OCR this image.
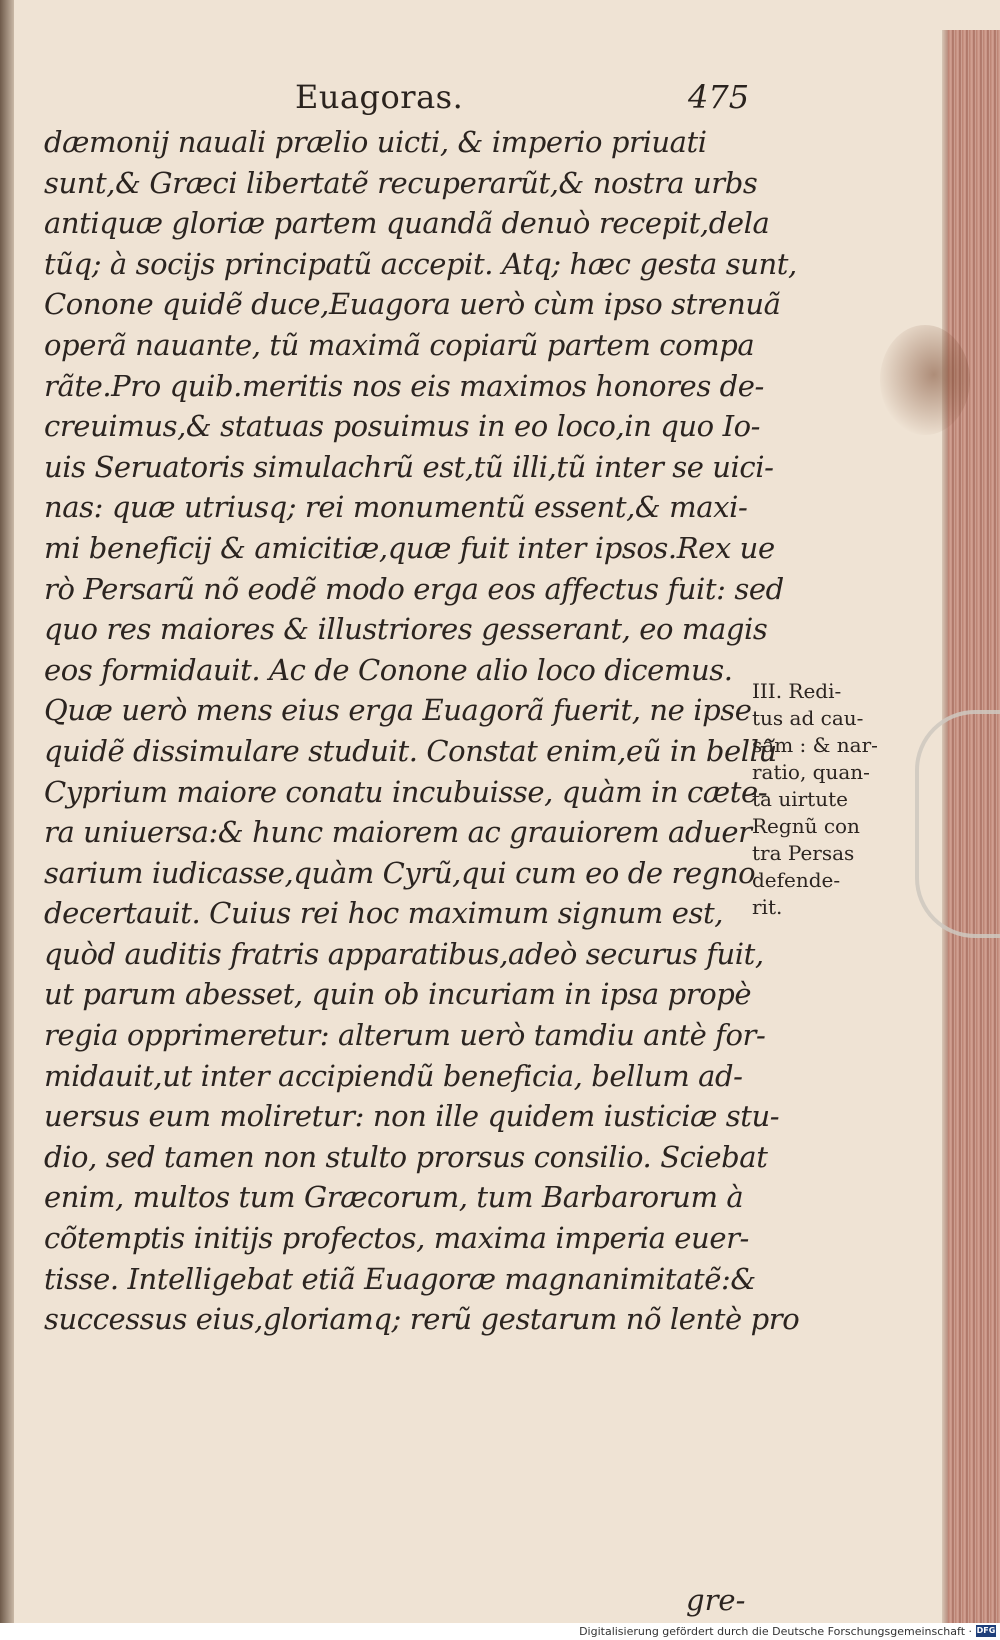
Euagoras.	475
dæmonij nauali prælio uicti, & imperio priuati
sunt,& Græci libertatẽ recuperarũt,& nostra urbs
antiquæ gloriæ partem quandã denuò recepit,dela
tũq; à socijs principatũ accepit. Atq; hæc gesta sunt,
Conone quidẽ duce,Euagora uerò cùm ipso strenuã
operã nauante, tũ maximã copiarũ partem compa
rãte.Pro quib.meritis nos eis maximos honores de-
creuimus,& statuas posuimus in eo loco,in quo Io-
uis Seruatoris simulachrũ est,tũ illi,tũ inter se uici-
nas: quæ utriusq; rei monumentũ essent,& maxi-
mi beneficij & amicitiæ,quæ fuit inter ipsos.Rex ue
rò Persarũ nõ eodẽ modo erga eos affectus fuit: sed
quo res maiores & illustriores gesserant, eo magis
eos formidauit. Ac de Conone alio loco dicemus.
Quæ uerò mens eius erga Euagorã fuerit, ne ipse
quidẽ dissimulare studuit. Constat enim,eũ in bellũ
Cyprium maiore conatu incubuisse, quàm in cæte-
ra uniuersa:& hunc maiorem ac grauiorem aduer
sarium iudicasse,quàm Cyrũ,qui cum eo de regno
decertauit. Cuius rei hoc maximum signum est,
quòd auditis fratris apparatibus,adeò securus fuit,
ut parum abesset, quin ob incuriam in ipsa propè
regia opprimeretur: alterum uerò tamdiu antè for-
midauit,ut inter accipiendũ beneficia, bellum ad-
uersus eum moliretur: non ille quidem iusticiæ stu-
dio, sed tamen non stulto prorsus consilio. Sciebat
enim, multos tum Græcorum, tum Barbarorum à
cõtemptis initijs profectos, maxima imperia euer-
tisse. Intelligebat etiã Euagoræ magnanimitatẽ:&
successus eius,gloriamq; rerũ gestarum nõ lentè pro
gre-
III. Redi-
tus ad cau-
sam : & nar-
ratio, quan-
ta uirtute
Regnũ con
tra Persas
defende-
rit.
Digitalisierung gefördert durch die Deutsche Forschungsgemeinschaft · DFG
